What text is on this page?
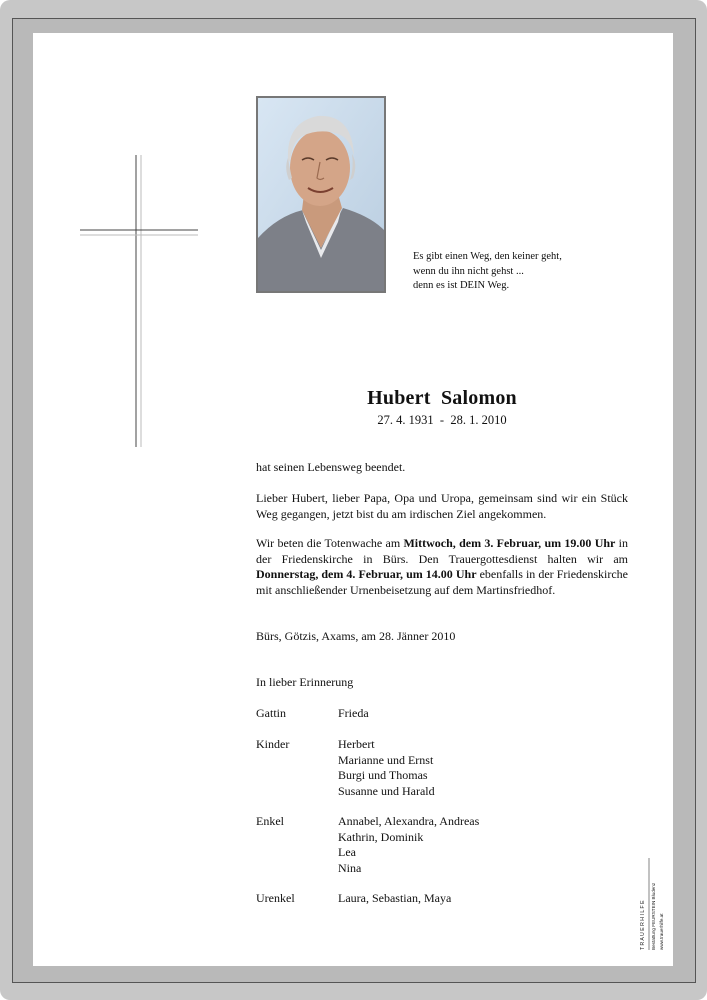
Es gibt einen Weg, den keiner geht,
wenn du ihn nicht gehst ...
denn es ist DEIN Weg.
Hubert  Salomon
27. 4. 1931  -  28. 1. 2010
hat seinen Lebensweg beendet.
Lieber Hubert, lieber Papa, Opa und Uropa, gemeinsam sind wir ein Stück Weg gegangen, jetzt bist du am irdischen Ziel angekommen.
Wir beten die Totenwache am Mittwoch, dem 3. Februar, um 19.00 Uhr in der Friedenskirche in Bürs. Den Trauergottesdienst halten wir am Donnerstag, dem 4. Februar, um 14.00 Uhr ebenfalls in der Friedenskirche mit anschließender Urnenbeisetzung auf dem Martinsfriedhof.
Bürs, Götzis, Axams, am 28. Jänner 2010
In lieber Erinnerung
Gattin	Frieda
Kinder	Herbert
Marianne und Ernst
Burgi und Thomas
Susanne und Harald
Enkel	Annabel, Alexandra, Andreas
Kathrin, Dominik
Lea
Nina
Urenkel	Laura, Sebastian, Maya
T R A U E R H I L F E Bestattung FEURSTEIN Bludenz www.trauerhilfe.at
